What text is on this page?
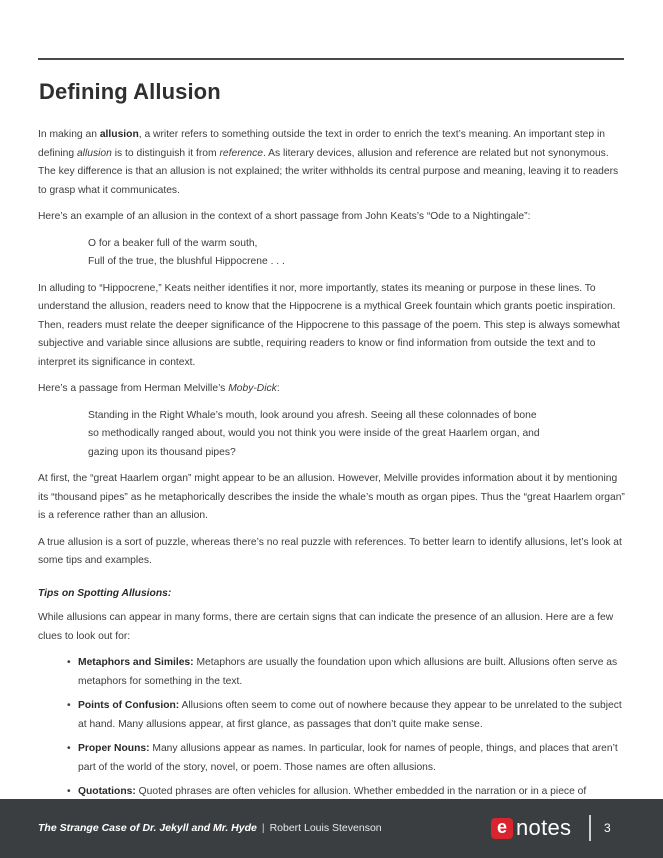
Defining Allusion

In making an allusion, a writer refers to something outside the text in order to enrich the text’s meaning. An important step in defining allusion is to distinguish it from reference. As literary devices, allusion and reference are related but not synonymous. The key difference is that an allusion is not explained; the writer withholds its central purpose and meaning, leaving it to readers to grasp what it communicates.

Here’s an example of an allusion in the context of a short passage from John Keats’s “Ode to a Nightingale”:

O for a beaker full of the warm south,
Full of the true, the blushful Hippocrene . . .

In alluding to “Hippocrene,” Keats neither identifies it nor, more importantly, states its meaning or purpose in these lines. To understand the allusion, readers need to know that the Hippocrene is a mythical Greek fountain which grants poetic inspiration. Then, readers must relate the deeper significance of the Hippocrene to this passage of the poem. This step is always somewhat subjective and variable since allusions are subtle, requiring readers to know or find information from outside the text and to interpret its significance in context.

Here’s a passage from Herman Melville’s Moby-Dick:

Standing in the Right Whale’s mouth, look around you afresh. Seeing all these colonnades of bone
so methodically ranged about, would you not think you were inside of the great Haarlem organ, and
gazing upon its thousand pipes?

At first, the “great Haarlem organ” might appear to be an allusion. However, Melville provides information about it by mentioning its “thousand pipes” as he metaphorically describes the inside the whale’s mouth as organ pipes. Thus the “great Haarlem organ” is a reference rather than an allusion.

A true allusion is a sort of puzzle, whereas there’s no real puzzle with references. To better learn to identify allusions, let’s look at some tips and examples.

Tips on Spotting Allusions:

While allusions can appear in many forms, there are certain signs that can indicate the presence of an allusion. Here are a few clues to look out for:

• Metaphors and Similes: Metaphors are usually the foundation upon which allusions are built. Allusions often serve as metaphors for something in the text.
• Points of Confusion: Allusions often seem to come out of nowhere because they appear to be unrelated to the subject at hand. Many allusions appear, at first glance, as passages that don’t quite make sense.
• Proper Nouns: Many allusions appear as names. In particular, look for names of people, things, and places that aren’t part of the world of the story, novel, or poem. Those names are often allusions.
• Quotations: Quoted phrases are often vehicles for allusion. Whether embedded in the narration or in a piece of
The Strange Case of Dr. Jekyll and Mr. Hyde | Robert Louis Stevenson	e notes	3
